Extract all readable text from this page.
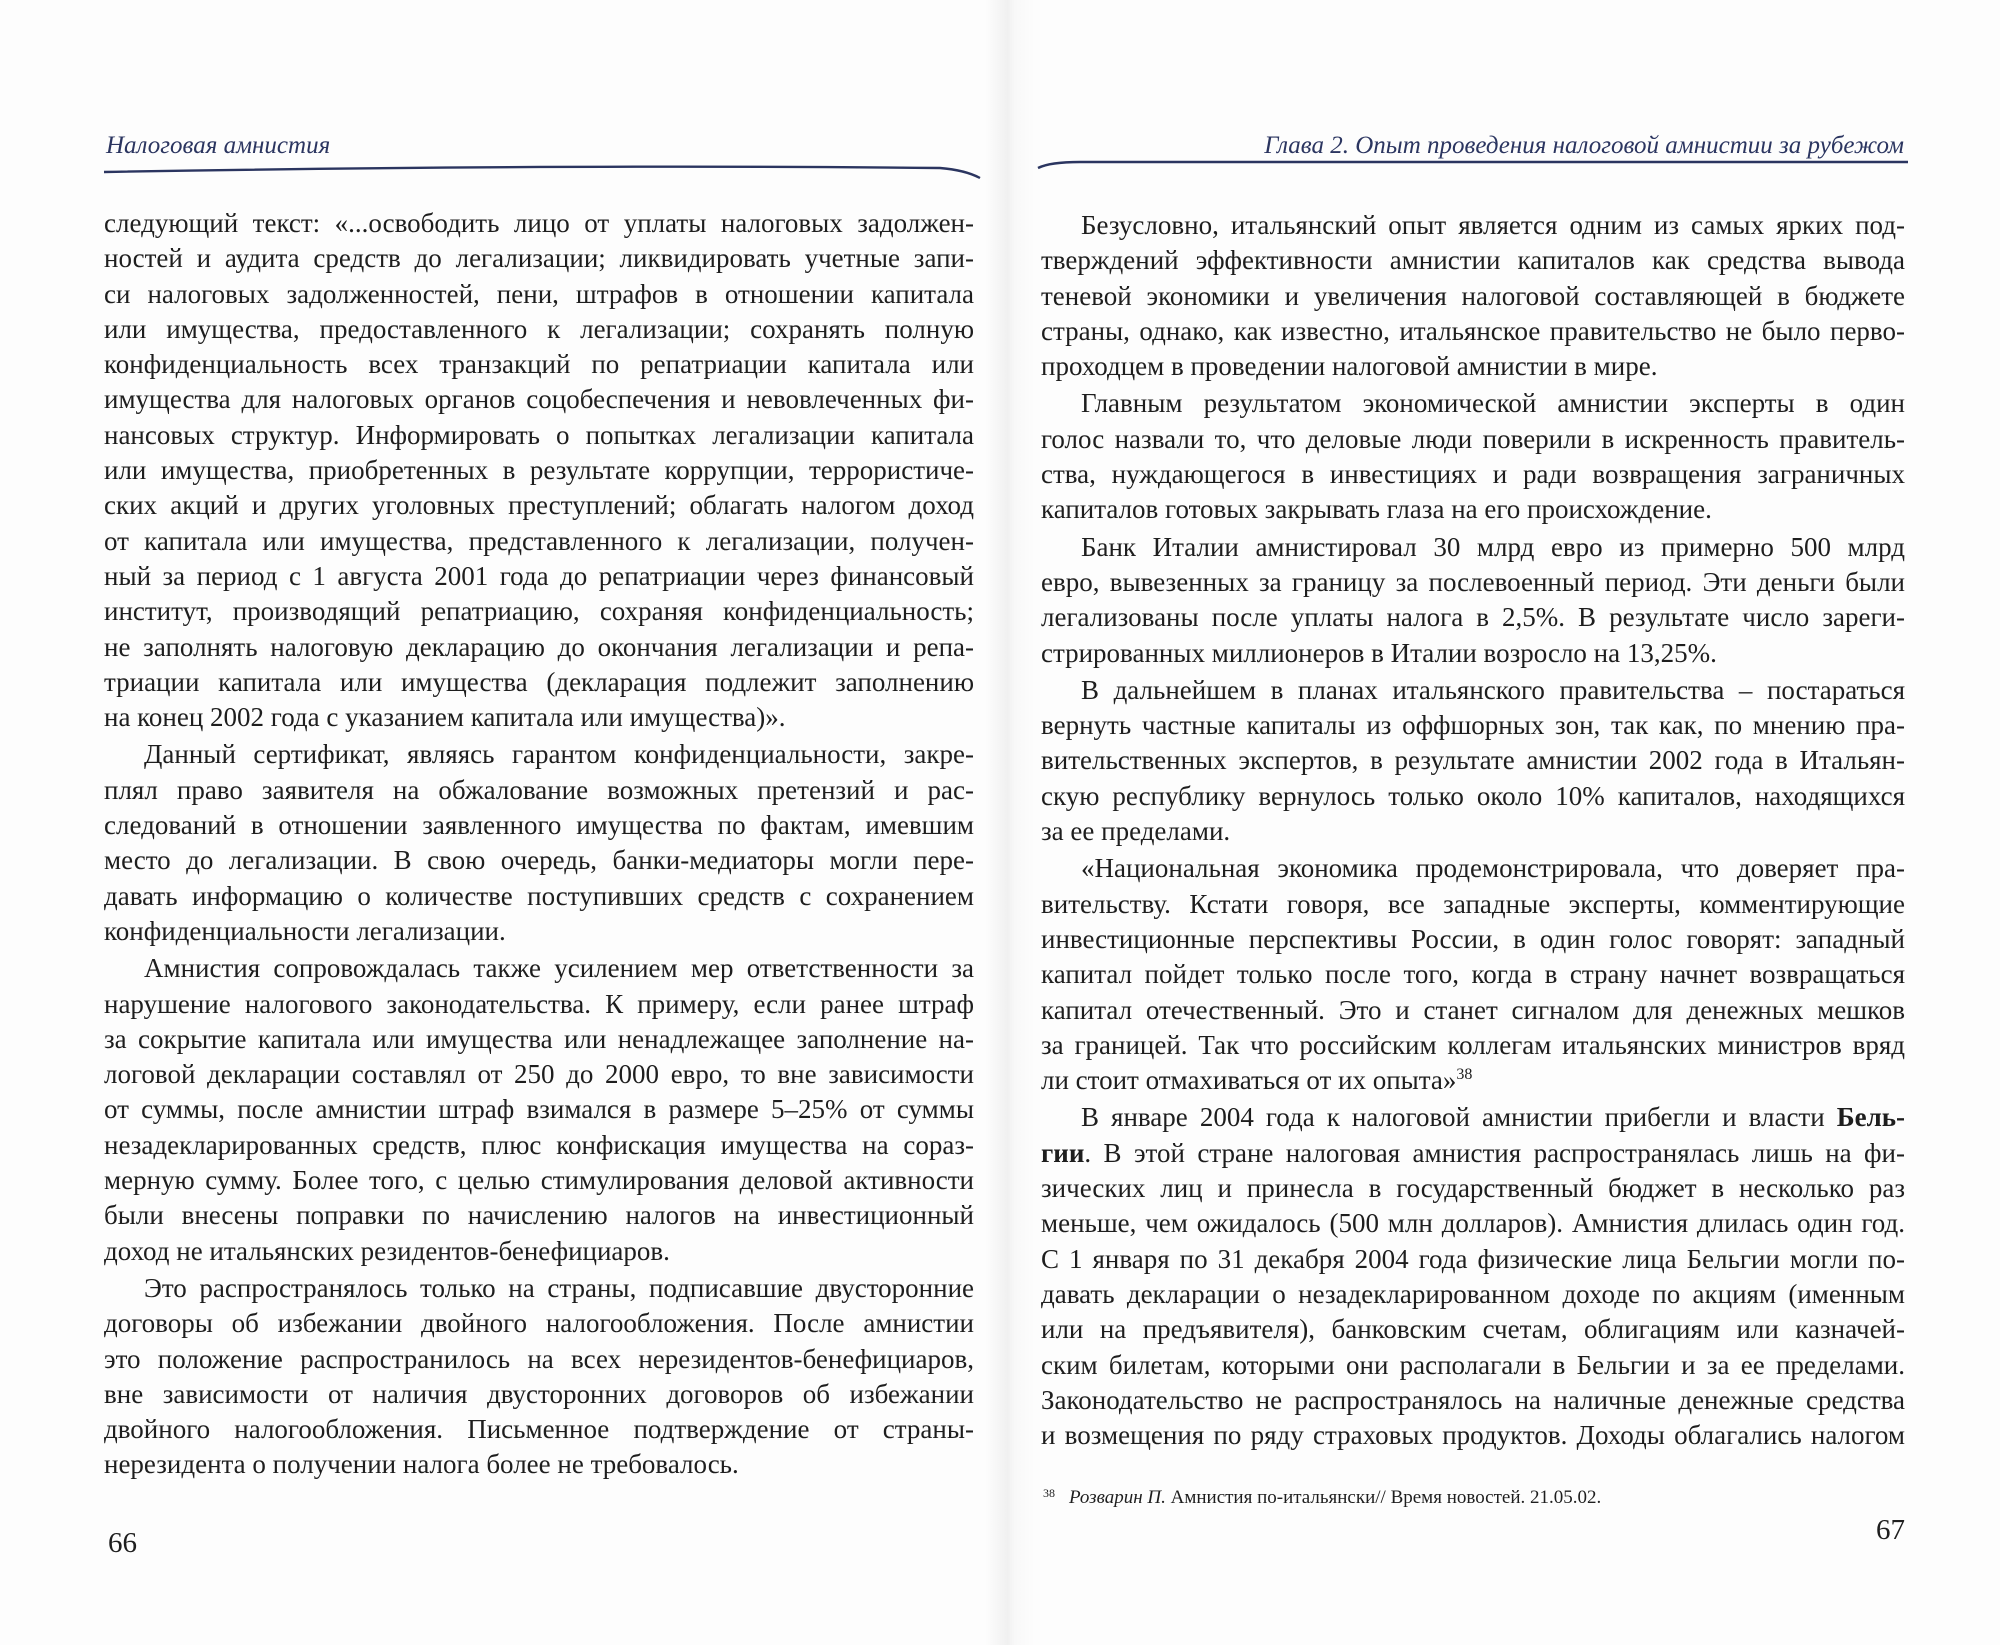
Налоговая амнистия	Глава 2. Опыт проведения налоговой амнистии за рубежом
следующий текст: «...освободить лицо от уплаты налоговых задолжен-
ностей и аудита средств до легализации; ликвидировать учетные запи-
си налоговых задолженностей, пени, штрафов в отношении капитала
или имущества, предоставленного к легализации; сохранять полную
конфиденциальность всех транзакций по репатриации капитала или
имущества для налоговых органов соцобеспечения и невовлеченных фи-
нансовых структур. Информировать о попытках легализации капитала
или имущества, приобретенных в результате коррупции, террористиче-
ских акций и других уголовных преступлений; облагать налогом доход
от капитала или имущества, представленного к легализации, получен-
ный за период с 1 августа 2001 года до репатриации через финансовый
институт, производящий репатриацию, сохраняя конфиденциальность;
не заполнять налоговую декларацию до окончания легализации и репа-
триации капитала или имущества (декларация подлежит заполнению
на конец 2002 года с указанием капитала или имущества)».
Данный сертификат, являясь гарантом конфиденциальности, закре-
плял право заявителя на обжалование возможных претензий и рас-
следований в отношении заявленного имущества по фактам, имевшим
место до легализации. В свою очередь, банки-медиаторы могли пере-
давать информацию о количестве поступивших средств с сохранением
конфиденциальности легализации.
Амнистия сопровождалась также усилением мер ответственности за
нарушение налогового законодательства. К примеру, если ранее штраф
за сокрытие капитала или имущества или ненадлежащее заполнение на-
логовой декларации составлял от 250 до 2000 евро, то вне зависимости
от суммы, после амнистии штраф взимался в размере 5–25% от суммы
незадекларированных средств, плюс конфискация имущества на сораз-
мерную сумму. Более того, с целью стимулирования деловой активности
были внесены поправки по начислению налогов на инвестиционный
доход не итальянских резидентов-бенефициаров.
Это распространялось только на страны, подписавшие двусторонние
договоры об избежании двойного налогообложения. После амнистии
это положение распространилось на всех нерезидентов-бенефициаров,
вне зависимости от наличия двусторонних договоров об избежании
двойного налогообложения. Письменное подтверждение от страны-
нерезидента о получении налога более не требовалось.
Безусловно, итальянский опыт является одним из самых ярких под-
тверждений эффективности амнистии капиталов как средства вывода
теневой экономики и увеличения налоговой составляющей в бюджете
страны, однако, как известно, итальянское правительство не было перво-
проходцем в проведении налоговой амнистии в мире.
Главным результатом экономической амнистии эксперты в один
голос назвали то, что деловые люди поверили в искренность правитель-
ства, нуждающегося в инвестициях и ради возвращения заграничных
капиталов готовых закрывать глаза на его происхождение.
Банк Италии амнистировал 30 млрд евро из примерно 500 млрд
евро, вывезенных за границу за послевоенный период. Эти деньги были
легализованы после уплаты налога в 2,5%. В результате число зареги-
стрированных миллионеров в Италии возросло на 13,25%.
В дальнейшем в планах итальянского правительства – постараться
вернуть частные капиталы из оффшорных зон, так как, по мнению пра-
вительственных экспертов, в результате амнистии 2002 года в Итальян-
скую республику вернулось только около 10% капиталов, находящихся
за ее пределами.
«Национальная экономика продемонстрировала, что доверяет пра-
вительству. Кстати говоря, все западные эксперты, комментирующие
инвестиционные перспективы России, в один голос говорят: западный
капитал пойдет только после того, когда в страну начнет возвращаться
капитал отечественный. Это и станет сигналом для денежных мешков
за границей. Так что российским коллегам итальянских министров вряд
ли стоит отмахиваться от их опыта»$^{38}$
В январе 2004 года к налоговой амнистии прибегли и власти Бель-
гии. В этой стране налоговая амнистия распространялась лишь на фи-
зических лиц и принесла в государственный бюджет в несколько раз
меньше, чем ожидалось (500 млн долларов). Амнистия длилась один год.
С 1 января по 31 декабря 2004 года физические лица Бельгии могли по-
давать декларации о незадекларированном доходе по акциям (именным
или на предъявителя), банковским счетам, облигациям или казначей-
ским билетам, которыми они располагали в Бельгии и за ее пределами.
Законодательство не распространялось на наличные денежные средства
и возмещения по ряду страховых продуктов. Доходы облагались налогом
$^{38}$ Розварин П. Амнистия по-итальянски// Время новостей. 21.05.02.
66	67
